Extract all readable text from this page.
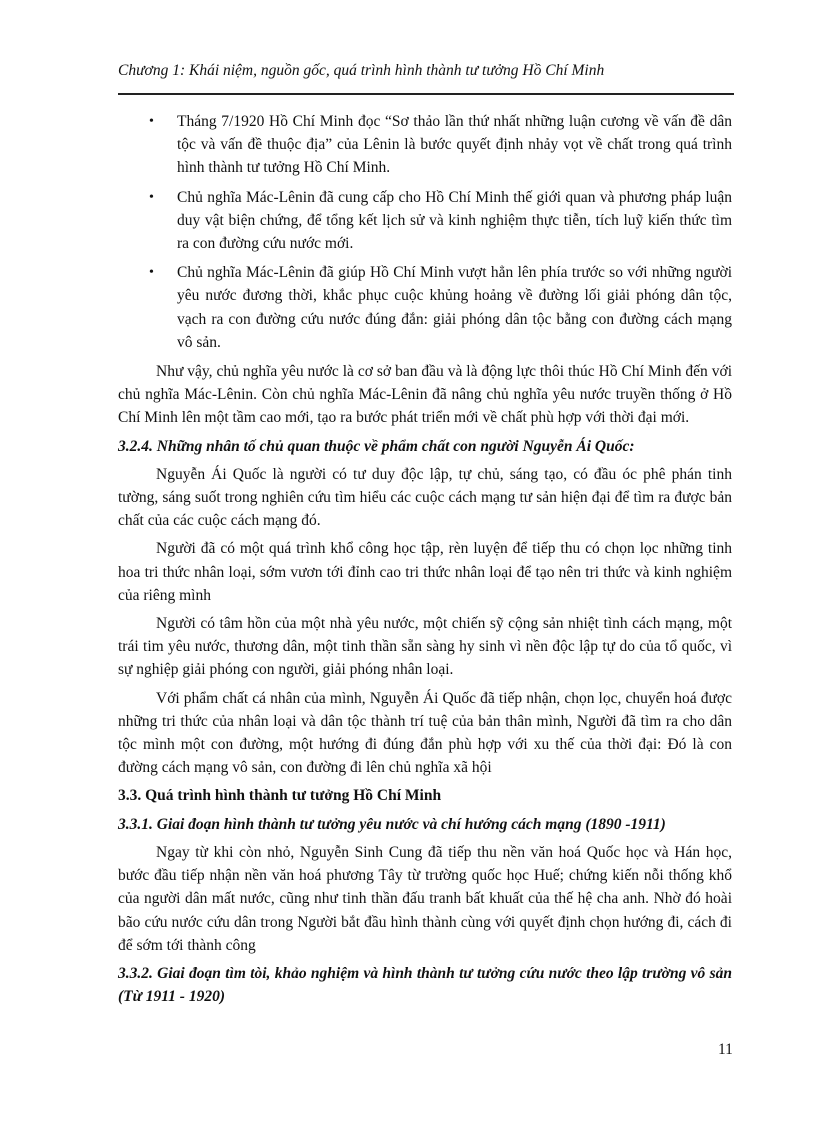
Chương 1: Khái niệm, nguồn gốc, quá trình hình thành tư tưởng Hồ Chí Minh
• Tháng 7/1920 Hồ Chí Minh đọc “Sơ thảo lần thứ nhất những luận cương về vấn đề dân tộc và vấn đề thuộc địa” của Lênin là bước quyết định nhảy vọt về chất trong quá trình hình thành tư tưởng Hồ Chí Minh.
• Chủ nghĩa Mác-Lênin đã cung cấp cho Hồ Chí Minh thế giới quan và phương pháp luận duy vật biện chứng, để tổng kết lịch sử và kinh nghiệm thực tiễn, tích luỹ kiến thức tìm ra con đường cứu nước mới.
• Chủ nghĩa Mác-Lênin đã giúp Hồ Chí Minh vượt hẳn lên phía trước so với những người yêu nước đương thời, khắc phục cuộc khủng hoảng về đường lối giải phóng dân tộc, vạch ra con đường cứu nước đúng đắn: giải phóng dân tộc bằng con đường cách mạng vô sản.

Như vậy, chủ nghĩa yêu nước là cơ sở ban đầu và là động lực thôi thúc Hồ Chí Minh đến với chủ nghĩa Mác-Lênin. Còn chủ nghĩa Mác-Lênin đã nâng chủ nghĩa yêu nước truyền thống ở Hồ Chí Minh lên một tầm cao mới, tạo ra bước phát triển mới về chất phù hợp với thời đại mới.

3.2.4. Những nhân tố chủ quan thuộc về phẩm chất con người Nguyễn Ái Quốc:

Nguyễn Ái Quốc là người có tư duy độc lập, tự chủ, sáng tạo, có đầu óc phê phán tinh tường, sáng suốt trong nghiên cứu tìm hiểu các cuộc cách mạng tư sản hiện đại để tìm ra được bản chất của các cuộc cách mạng đó.

Người đã có một quá trình khổ công học tập, rèn luyện để tiếp thu có chọn lọc những tinh hoa tri thức nhân loại, sớm vươn tới đỉnh cao tri thức nhân loại để tạo nên tri thức và kinh nghiệm của riêng mình

Người có tâm hồn của một nhà yêu nước, một chiến sỹ cộng sản nhiệt tình cách mạng, một trái tim yêu nước, thương dân, một tinh thần sẵn sàng hy sinh vì nền độc lập tự do của tổ quốc, vì sự nghiệp giải phóng con người, giải phóng nhân loại.

Với phẩm chất cá nhân của mình, Nguyễn Ái Quốc đã tiếp nhận, chọn lọc, chuyển hoá được những tri thức của nhân loại và dân tộc thành trí tuệ của bản thân mình, Người đã tìm ra cho dân tộc mình một con đường, một hướng đi đúng đắn phù hợp với xu thế của thời đại: Đó là con đường cách mạng vô sản, con đường đi lên chủ nghĩa xã hội

3.3. Quá trình hình thành tư tưởng Hồ Chí Minh
3.3.1. Giai đoạn hình thành tư tưởng yêu nước và chí hướng cách mạng (1890 -1911)

Ngay từ khi còn nhỏ, Nguyễn Sinh Cung đã tiếp thu nền văn hoá Quốc học và Hán học, bước đầu tiếp nhận nền văn hoá phương Tây từ trường quốc học Huế; chứng kiến nỗi thống khổ của người dân mất nước, cũng như tinh thần đấu tranh bất khuất của thế hệ cha anh. Nhờ đó hoài bão cứu nước cứu dân trong Người bắt đầu hình thành cùng với quyết định chọn hướng đi, cách đi để sớm tới thành công

3.3.2. Giai đoạn tìm tòi, khảo nghiệm và hình thành tư tưởng cứu nước theo lập trường vô sản (Từ 1911 - 1920)
11
